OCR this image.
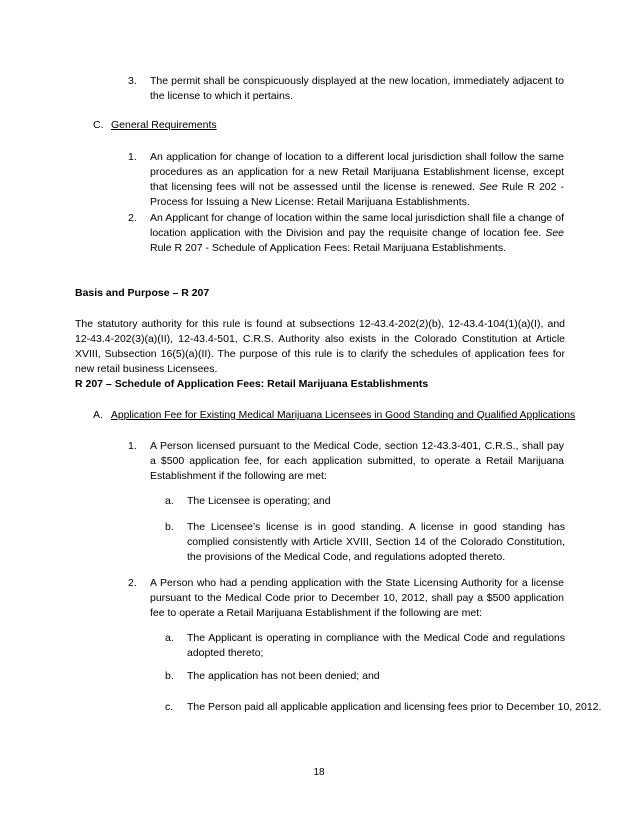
3. The permit shall be conspicuously displayed at the new location, immediately adjacent to the license to which it pertains.
C. General Requirements
1. An application for change of location to a different local jurisdiction shall follow the same procedures as an application for a new Retail Marijuana Establishment license, except that licensing fees will not be assessed until the license is renewed. See Rule R 202 - Process for Issuing a New License: Retail Marijuana Establishments.
2. An Applicant for change of location within the same local jurisdiction shall file a change of location application with the Division and pay the requisite change of location fee. See Rule R 207 - Schedule of Application Fees: Retail Marijuana Establishments.
Basis and Purpose – R 207
The statutory authority for this rule is found at subsections 12-43.4-202(2)(b), 12-43.4-104(1)(a)(I), and 12-43.4-202(3)(a)(II), 12-43.4-501, C.R.S. Authority also exists in the Colorado Constitution at Article XVIII, Subsection 16(5)(a)(II). The purpose of this rule is to clarify the schedules of application fees for new retail business Licensees.
R 207 – Schedule of Application Fees: Retail Marijuana Establishments
A. Application Fee for Existing Medical Marijuana Licensees in Good Standing and Qualified Applications
1. A Person licensed pursuant to the Medical Code, section 12-43.3-401, C.R.S., shall pay a $500 application fee, for each application submitted, to operate a Retail Marijuana Establishment if the following are met:
a. The Licensee is operating; and
b. The Licensee’s license is in good standing. A license in good standing has complied consistently with Article XVIII, Section 14 of the Colorado Constitution, the provisions of the Medical Code, and regulations adopted thereto.
2. A Person who had a pending application with the State Licensing Authority for a license pursuant to the Medical Code prior to December 10, 2012, shall pay a $500 application fee to operate a Retail Marijuana Establishment if the following are met:
a. The Applicant is operating in compliance with the Medical Code and regulations adopted thereto;
b. The application has not been denied; and
c. The Person paid all applicable application and licensing fees prior to December 10, 2012.
18
